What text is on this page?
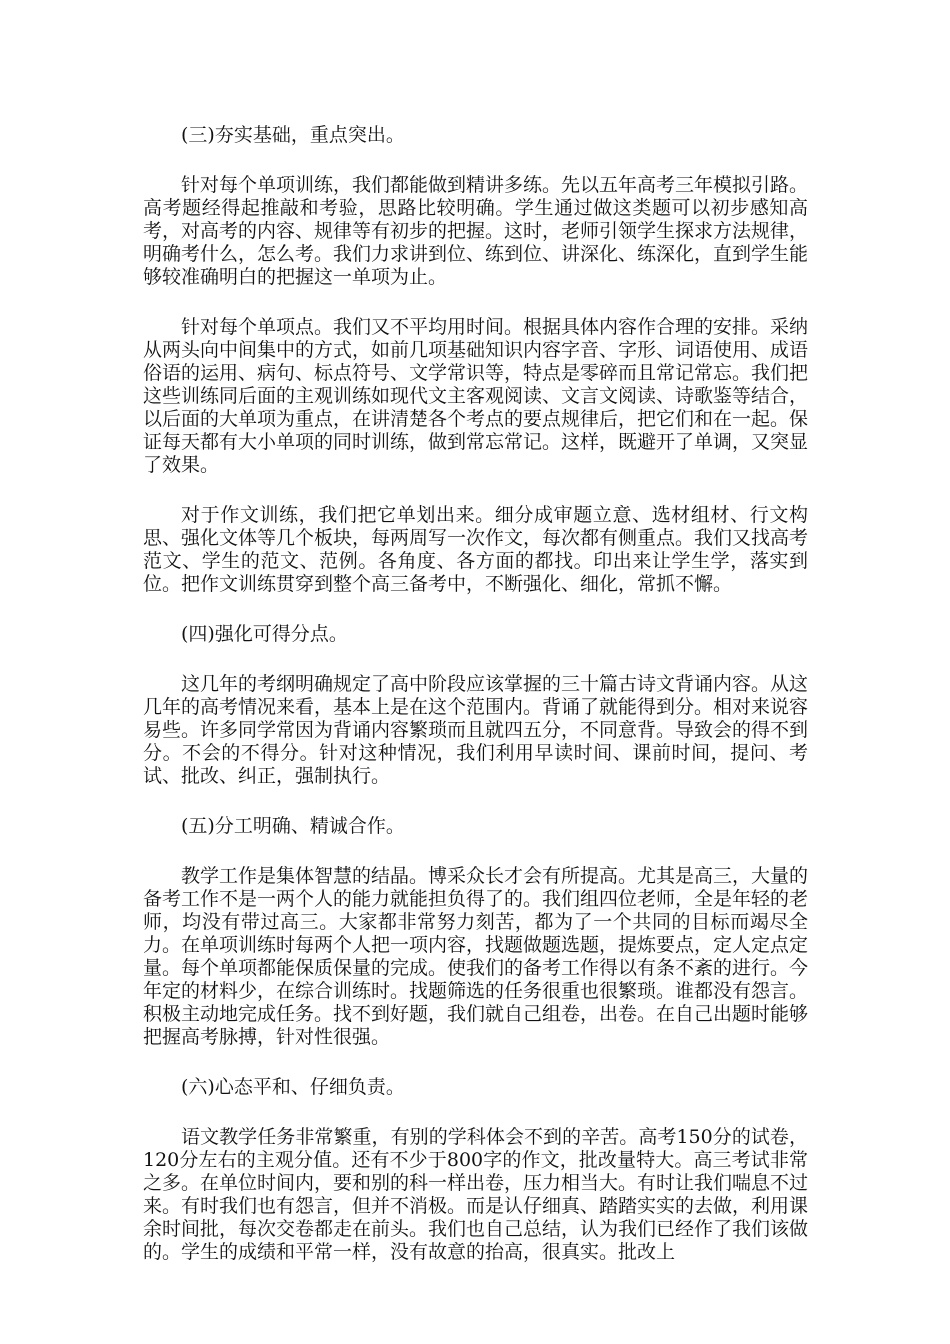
(三)夯实基础，重点突出。

针对每个单项训练，我们都能做到精讲多练。先以五年高考三年模拟引路。高考题经得起推敲和考验，思路比较明确。学生通过做这类题可以初步感知高考，对高考的内容、规律等有初步的把握。这时，老师引领学生探求方法规律，明确考什么，怎么考。我们力求讲到位、练到位、讲深化、练深化，直到学生能够较准确明白的把握这一单项为止。

针对每个单项点。我们又不平均用时间。根据具体内容作合理的安排。采纳从两头向中间集中的方式，如前几项基础知识内容字音、字形、词语使用、成语俗语的运用、病句、标点符号、文学常识等，特点是零碎而且常记常忘。我们把这些训练同后面的主观训练如现代文主客观阅读、文言文阅读、诗歌鉴等结合，以后面的大单项为重点，在讲清楚各个考点的要点规律后，把它们和在一起。保证每天都有大小单项的同时训练，做到常忘常记。这样，既避开了单调，又突显了效果。

对于作文训练，我们把它单划出来。细分成审题立意、选材组材、行文构思、强化文体等几个板块，每两周写一次作文，每次都有侧重点。我们又找高考范文、学生的范文、范例。各角度、各方面的都找。印出来让学生学，落实到位。把作文训练贯穿到整个高三备考中，不断强化、细化，常抓不懈。

(四)强化可得分点。

这几年的考纲明确规定了高中阶段应该掌握的三十篇古诗文背诵内容。从这几年的高考情况来看，基本上是在这个范围内。背诵了就能得到分。相对来说容易些。许多同学常因为背诵内容繁琐而且就四五分，不同意背。导致会的得不到分。不会的不得分。针对这种情况，我们利用早读时间、课前时间，提问、考试、批改、纠正，强制执行。

(五)分工明确、精诚合作。

教学工作是集体智慧的结晶。博采众长才会有所提高。尤其是高三，大量的备考工作不是一两个人的能力就能担负得了的。我们组四位老师，全是年轻的老师，均没有带过高三。大家都非常努力刻苦，都为了一个共同的目标而竭尽全力。在单项训练时每两个人把一项内容，找题做题选题，提炼要点，定人定点定量。每个单项都能保质保量的完成。使我们的备考工作得以有条不紊的进行。今年定的材料少，在综合训练时。找题筛选的任务很重也很繁琐。谁都没有怨言。积极主动地完成任务。找不到好题，我们就自己组卷，出卷。在自己出题时能够把握高考脉搏，针对性很强。

(六)心态平和、仔细负责。

语文教学任务非常繁重，有别的学科体会不到的辛苦。高考150分的试卷，120分左右的主观分值。还有不少于800字的作文，批改量特大。高三考试非常之多。在单位时间内，要和别的科一样出卷，压力相当大。有时让我们喘息不过来。有时我们也有怨言，但并不消极。而是认仔细真、踏踏实实的去做，利用课余时间批，每次交卷都走在前头。我们也自己总结，认为我们已经作了我们该做的。学生的成绩和平常一样，没有故意的抬高，很真实。批改上
